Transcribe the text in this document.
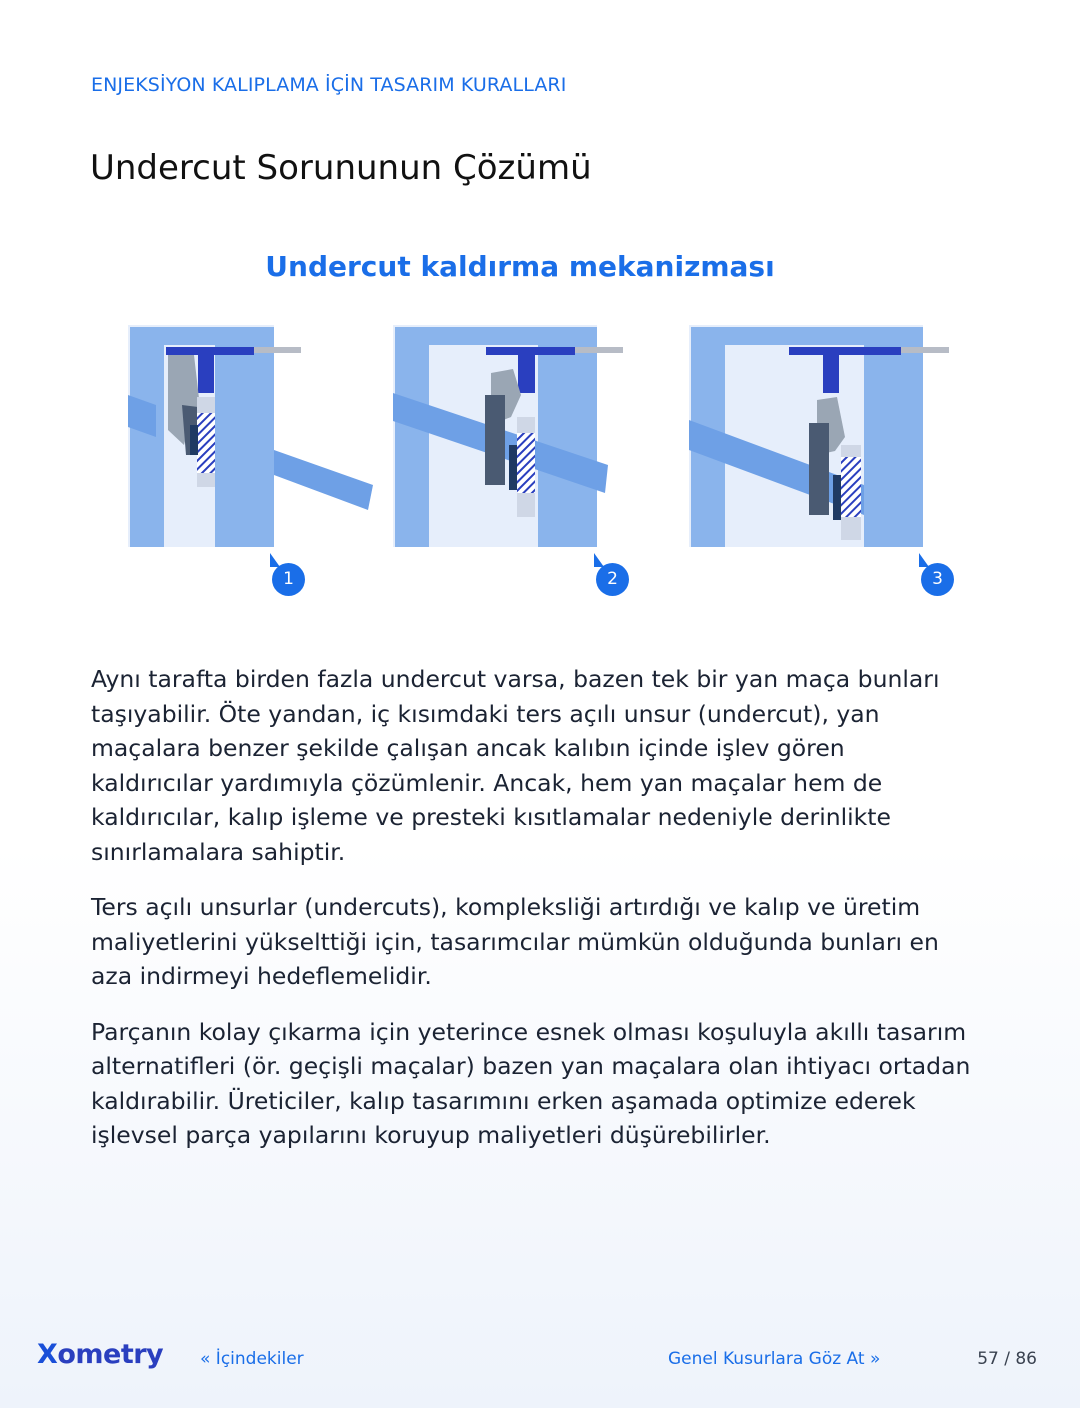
ENJEKSİYON KALIPLAMA İÇİN TASARIM KURALLARI
Undercut Sorununun Çözümü
Undercut kaldırma mekanizması
1	2	3

Aynı tarafta birden fazla undercut varsa, bazen tek bir yan maça bunları taşıyabilir. Öte yandan, iç kısımdaki ters açılı unsur (undercut), yan maçalara benzer şekilde çalışan ancak kalıbın içinde işlev gören kaldırıcılar yardımıyla çözümlenir. Ancak, hem yan maçalar hem de kaldırıcılar, kalıp işleme ve presteki kısıtlamalar nedeniyle derinlikte sınırlamalara sahiptir.

Ters açılı unsurlar (undercuts), kompleksliği artırdığı ve kalıp ve üretim maliyetlerini yükselttiği için, tasarımcılar mümkün olduğunda bunları en aza indirmeyi hedeflemelidir.

Parçanın kolay çıkarma için yeterince esnek olması koşuluyla akıllı tasarım alternatifleri (ör. geçişli maçalar) bazen yan maçalara olan ihtiyacı ortadan kaldırabilir. Üreticiler, kalıp tasarımını erken aşamada optimize ederek işlevsel parça yapılarını koruyup maliyetleri düşürebilirler.

Xometry « İçindekiler	Genel Kusurlara Göz At »	57 / 86
